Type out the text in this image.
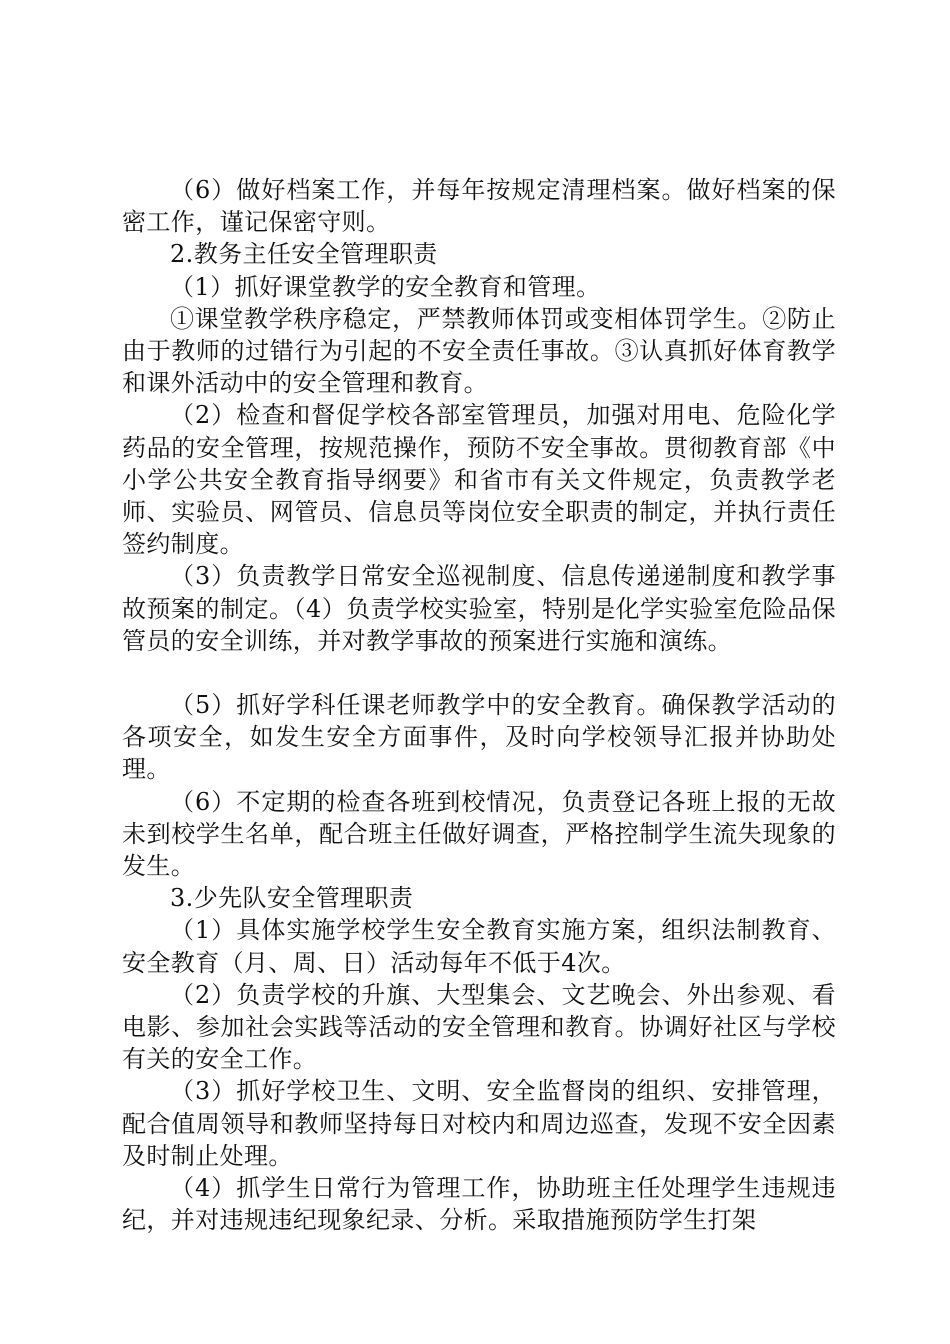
（6）做好档案工作，并每年按规定清理档案。做好档案的保密工作，谨记保密守则。

2.教务主任安全管理职责

（1）抓好课堂教学的安全教育和管理。

①课堂教学秩序稳定，严禁教师体罚或变相体罚学生。②防止由于教师的过错行为引起的不安全责任事故。③认真抓好体育教学和课外活动中的安全管理和教育。

（2）检查和督促学校各部室管理员，加强对用电、危险化学药品的安全管理，按规范操作，预防不安全事故。贯彻教育部《中小学公共安全教育指导纲要》和省市有关文件规定，负责教学老师、实验员、网管员、信息员等岗位安全职责的制定，并执行责任签约制度。

（3）负责教学日常安全巡视制度、信息传递递制度和教学事故预案的制定。（4）负责学校实验室，特别是化学实验室危险品保管员的安全训练，并对教学事故的预案进行实施和演练。

（5）抓好学科任课老师教学中的安全教育。确保教学活动的各项安全，如发生安全方面事件，及时向学校领导汇报并协助处理。

（6）不定期的检查各班到校情况，负责登记各班上报的无故未到校学生名单，配合班主任做好调查，严格控制学生流失现象的发生。

3.少先队安全管理职责

（1）具体实施学校学生安全教育实施方案，组织法制教育、安全教育（月、周、日）活动每年不低于4次。

（2）负责学校的升旗、大型集会、文艺晚会、外出参观、看电影、参加社会实践等活动的安全管理和教育。协调好社区与学校有关的安全工作。

（3）抓好学校卫生、文明、安全监督岗的组织、安排管理，配合值周领导和教师坚持每日对校内和周边巡查，发现不安全因素及时制止处理。

（4）抓学生日常行为管理工作，协助班主任处理学生违规违纪，并对违规违纪现象纪录、分析。采取措施预防学生打架
